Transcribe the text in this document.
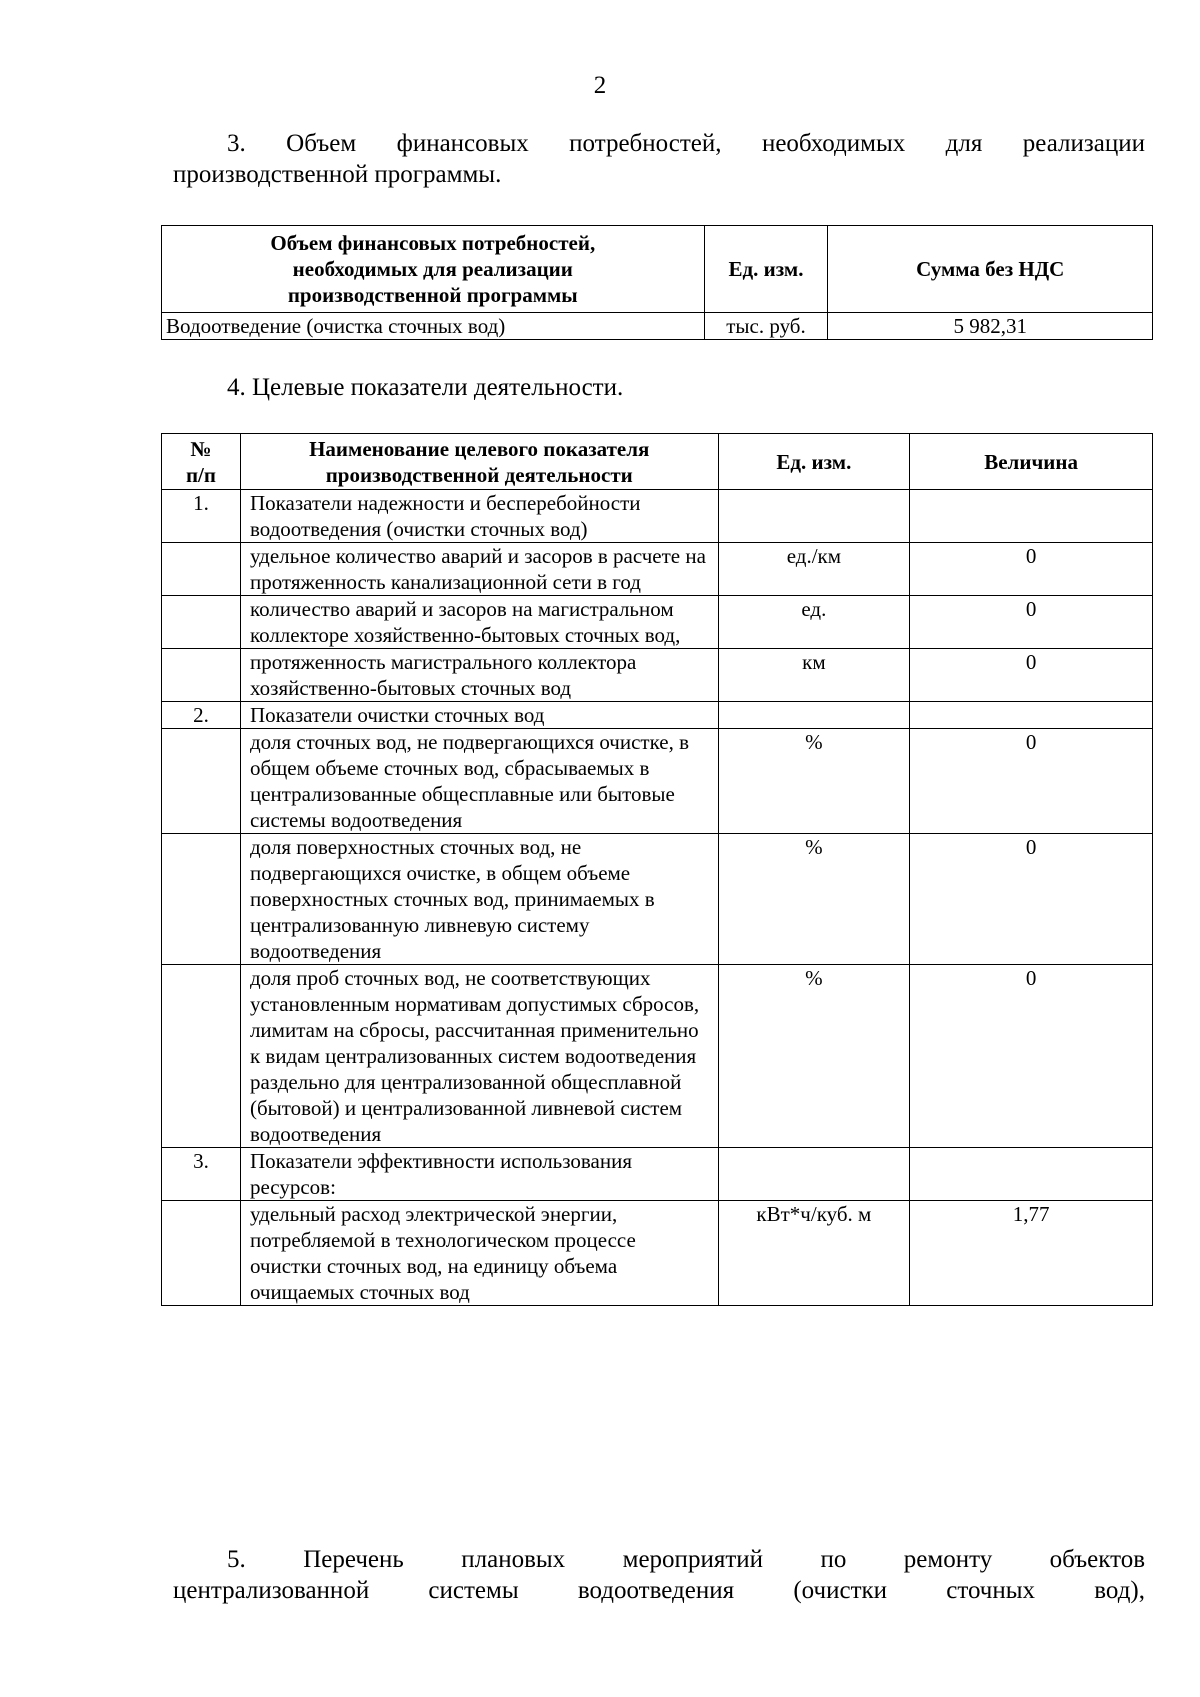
2
3. Объем финансовых потребностей, необходимых для реализации
производственной программы.
Объем финансовых потребностей, необходимых для реализации производственной программы	Ед. изм.	Сумма без НДС
Водоотведение (очистка сточных вод)	тыс. руб.	5 982,31
4. Целевые показатели деятельности.
№ п/п	Наименование целевого показателя производственной деятельности	Ед. изм.	Величина
1.	Показатели надежности и бесперебойности водоотведения (очистки сточных вод)		
	удельное количество аварий и засоров в расчете на протяженность канализационной сети в год	ед./км	0
	количество аварий и засоров на магистральном коллекторе хозяйственно-бытовых сточных вод,	ед.	0
	протяженность магистрального коллектора хозяйственно-бытовых сточных вод	км	0
2.	Показатели очистки сточных вод		
	доля сточных вод, не подвергающихся очистке, в общем объеме сточных вод, сбрасываемых в централизованные общесплавные или бытовые системы водоотведения	%	0
	доля поверхностных сточных вод, не подвергающихся очистке, в общем объеме поверхностных сточных вод, принимаемых в централизованную ливневую систему водоотведения	%	0
	доля проб сточных вод, не соответствующих установленным нормативам допустимых сбросов, лимитам на сбросы, рассчитанная применительно к видам централизованных систем водоотведения раздельно для централизованной общесплавной (бытовой) и централизованной ливневой систем водоотведения	%	0
3.	Показатели эффективности использования ресурсов:		
	удельный расход электрической энергии, потребляемой в технологическом процессе очистки сточных вод, на единицу объема очищаемых сточных вод	кВт*ч/куб. м	1,77
5. Перечень плановых мероприятий по ремонту объектов
централизованной системы водоотведения (очистки сточных вод),
